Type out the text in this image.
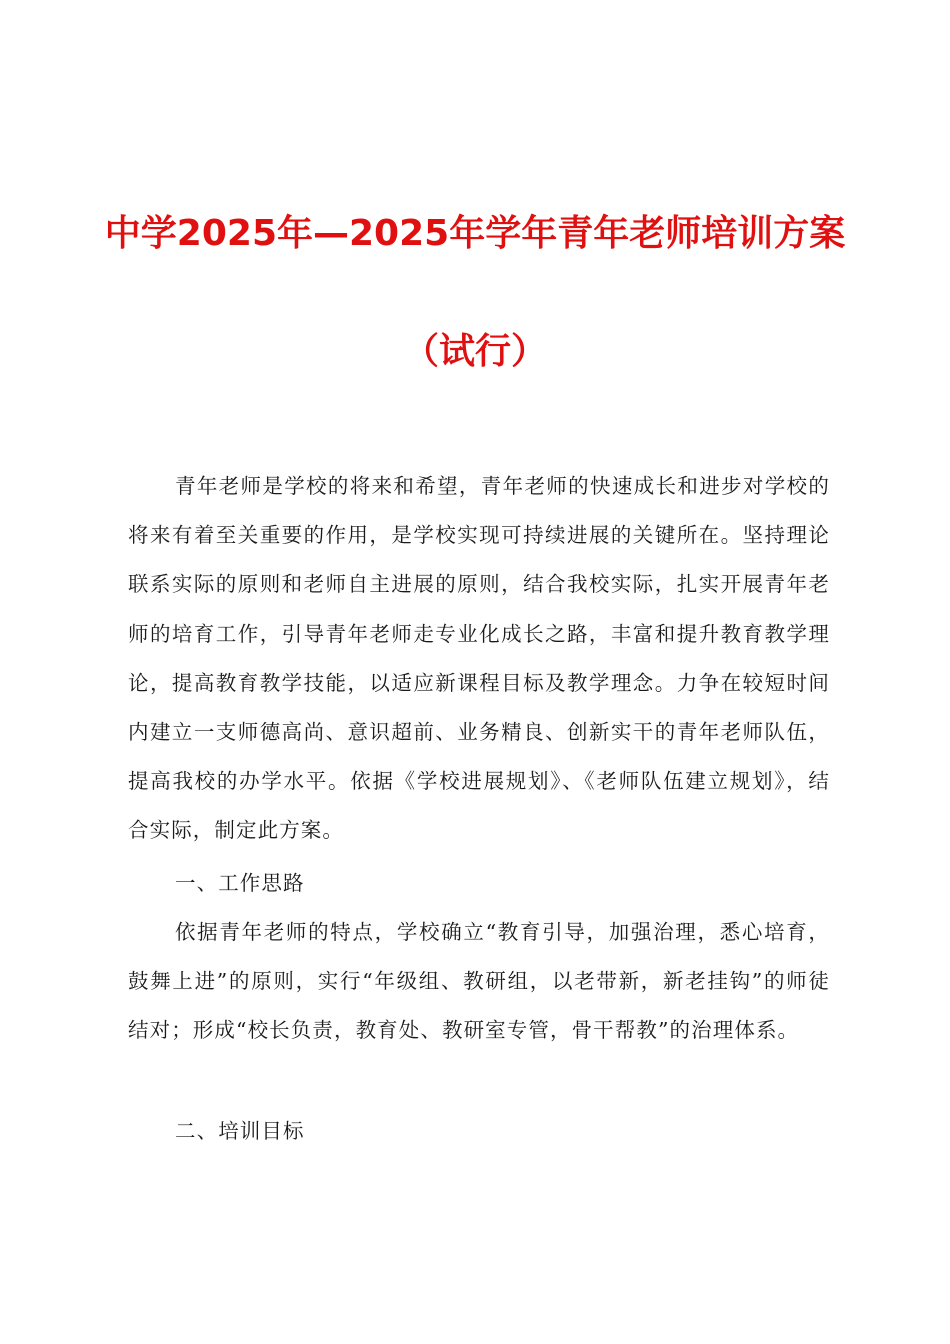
中学2025年—2025年学年青年老师培训方案
（试行）

青年老师是学校的将来和希望，青年老师的快速成长和进步对学校的将来有着至关重要的作用，是学校实现可持续进展的关键所在。坚持理论联系实际的原则和老师自主进展的原则，结合我校实际，扎实开展青年老师的培育工作，引导青年老师走专业化成长之路，丰富和提升教育教学理论，提高教育教学技能，以适应新课程目标及教学理念。力争在较短时间内建立一支师德高尚、意识超前、业务精良、创新实干的青年老师队伍，提高我校的办学水平。依据《学校进展规划》、《老师队伍建立规划》，结合实际，制定此方案。

一、工作思路

依据青年老师的特点，学校确立“教育引导，加强治理，悉心培育，鼓舞上进”的原则，实行“年级组、教研组，以老带新，新老挂钩”的师徒结对；形成“校长负责，教育处、教研室专管，骨干帮教”的治理体系。

二、培训目标
